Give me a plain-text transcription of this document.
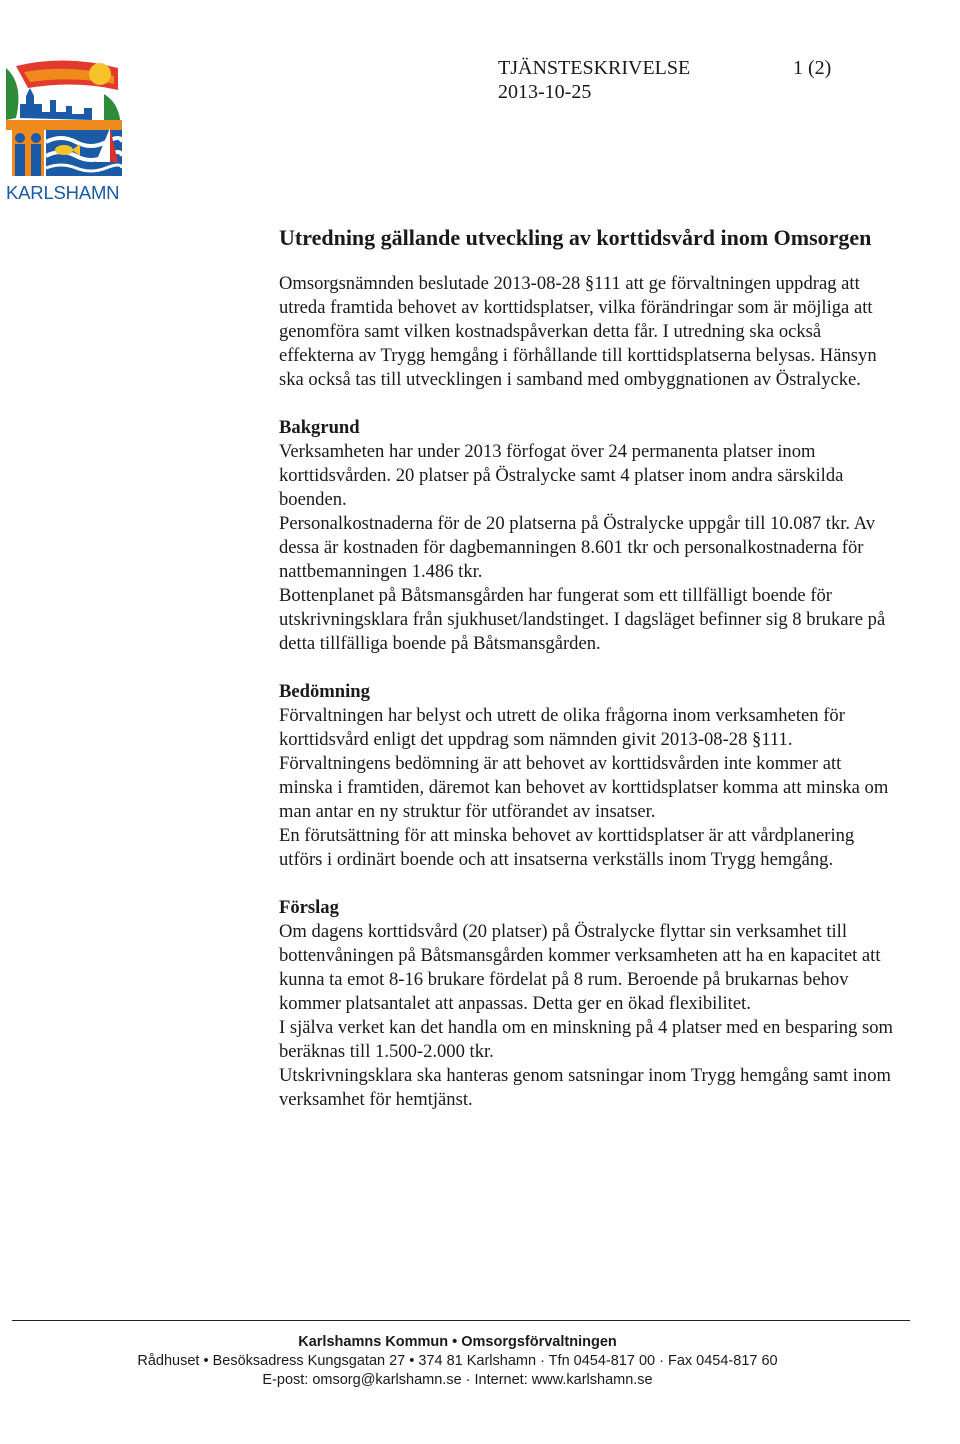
KARLSHAMN
TJÄNSTESKRIVELSE
2013-10-25
1 (2)
Utredning gällande utveckling av korttidsvård inom Omsorgen

Omsorgsnämnden beslutade 2013-08-28 §111 att ge förvaltningen uppdrag att utreda framtida behovet av korttidsplatser, vilka förändringar som är möjliga att genomföra samt vilken kostnadspåverkan detta får. I utredning ska också effekterna av Trygg hemgång i förhållande till korttidsplatserna belysas. Hänsyn ska också tas till utvecklingen i samband med ombyggnationen av Östralycke.

Bakgrund

Verksamheten har under 2013 förfogat över 24 permanenta platser inom korttidsvården. 20 platser på Östralycke samt 4 platser inom andra särskilda boenden.

Personalkostnaderna för de 20 platserna på Östralycke uppgår till 10.087 tkr. Av dessa är kostnaden för dagbemanningen 8.601 tkr och personalkostnaderna för nattbemanningen 1.486 tkr.

Bottenplanet på Båtsmansgården har fungerat som ett tillfälligt boende för utskrivningsklara från sjukhuset/landstinget. I dagsläget befinner sig 8 brukare på detta tillfälliga boende på Båtsmansgården.

Bedömning

Förvaltningen har belyst och utrett de olika frågorna inom verksamheten för korttidsvård enligt det uppdrag som nämnden givit 2013-08-28 §111.

Förvaltningens bedömning är att behovet av korttidsvården inte kommer att minska i framtiden, däremot kan behovet av korttidsplatser komma att minska om man antar en ny struktur för utförandet av insatser.

En förutsättning för att minska behovet av korttidsplatser är att vårdplanering utförs i ordinärt boende och att insatserna verkställs inom Trygg hemgång.

Förslag

Om dagens korttidsvård (20 platser) på Östralycke flyttar sin verksamhet till bottenvåningen på Båtsmansgården kommer verksamheten att ha en kapacitet att kunna ta emot 8-16 brukare fördelat på 8 rum. Beroende på brukarnas behov kommer platsantalet att anpassas. Detta ger en ökad flexibilitet.

I själva verket kan det handla om en minskning på 4 platser med en besparing som beräknas till 1.500-2.000 tkr.

Utskrivningsklara ska hanteras genom satsningar inom Trygg hemgång samt inom verksamhet för hemtjänst.

Karlshamns Kommun • Omsorgsförvaltningen
Rådhuset • Besöksadress Kungsgatan 27 • 374 81 Karlshamn · Tfn 0454-817 00 · Fax 0454-817 60
E-post: omsorg@karlshamn.se · Internet: www.karlshamn.se
